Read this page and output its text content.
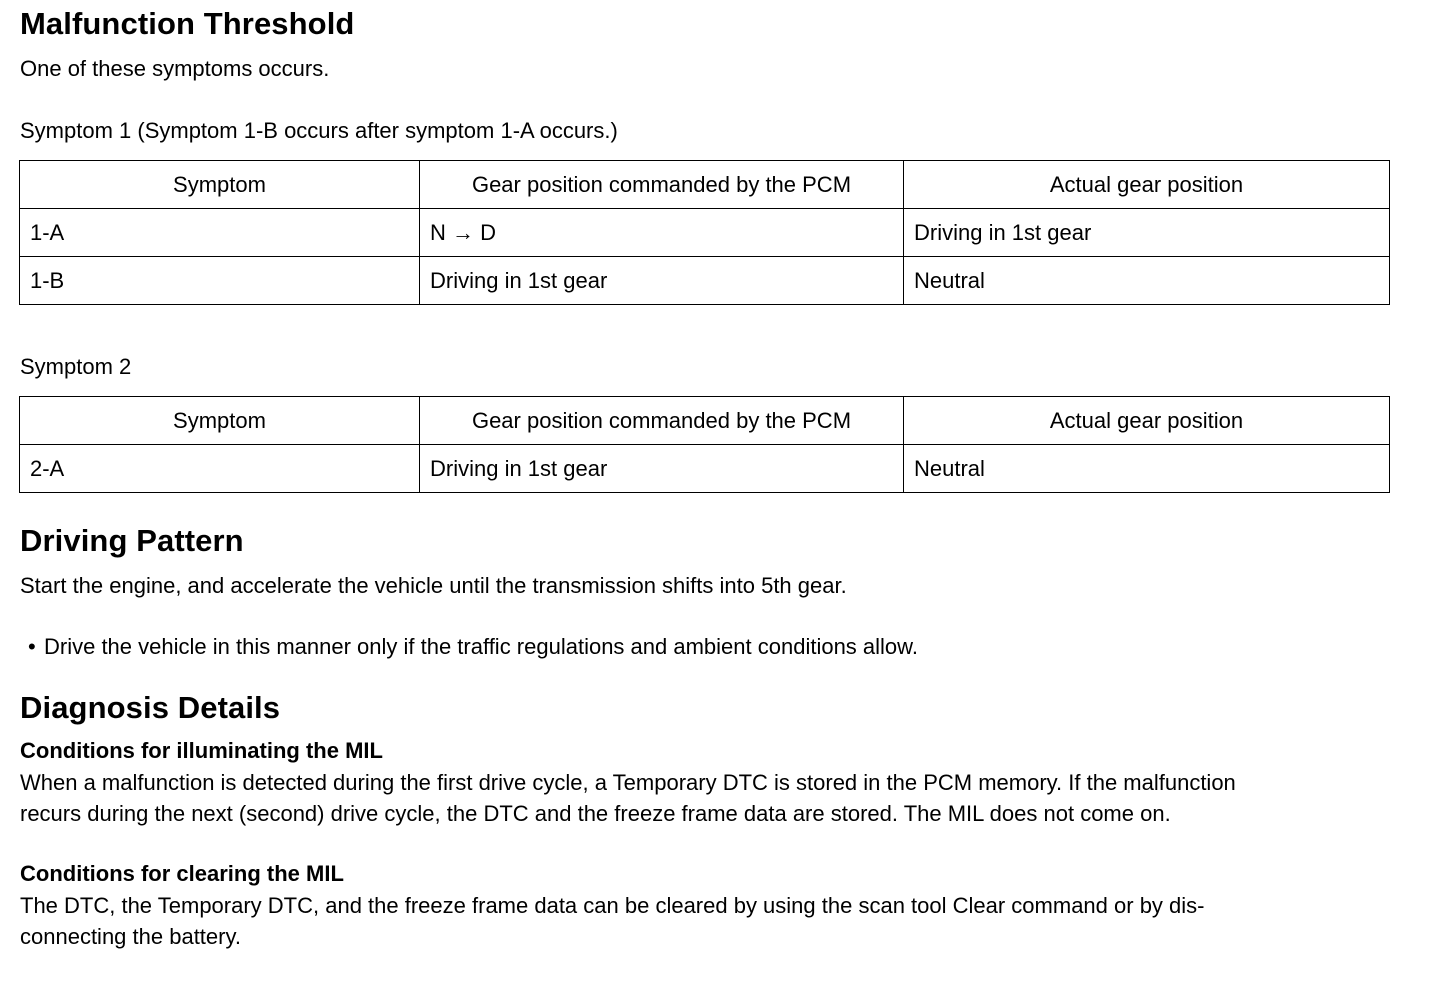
Malfunction Threshold

One of these symptoms occurs.

Symptom 1 (Symptom 1-B occurs after symptom 1-A occurs.)

Symptom	Gear position commanded by the PCM	Actual gear position
1-A	N → D	Driving in 1st gear
1-B	Driving in 1st gear	Neutral

Symptom 2

Symptom	Gear position commanded by the PCM	Actual gear position
2-A	Driving in 1st gear	Neutral
Driving Pattern

Start the engine, and accelerate the vehicle until the transmission shifts into 5th gear.

• Drive the vehicle in this manner only if the traffic regulations and ambient conditions allow.

Diagnosis Details
Conditions for illuminating the MIL

When a malfunction is detected during the first drive cycle, a Temporary DTC is stored in the PCM memory. If the malfunction
recurs during the next (second) drive cycle, the DTC and the freeze frame data are stored. The MIL does not come on.

Conditions for clearing the MIL

The DTC, the Temporary DTC, and the freeze frame data can be cleared by using the scan tool Clear command or by dis-
connecting the battery.
